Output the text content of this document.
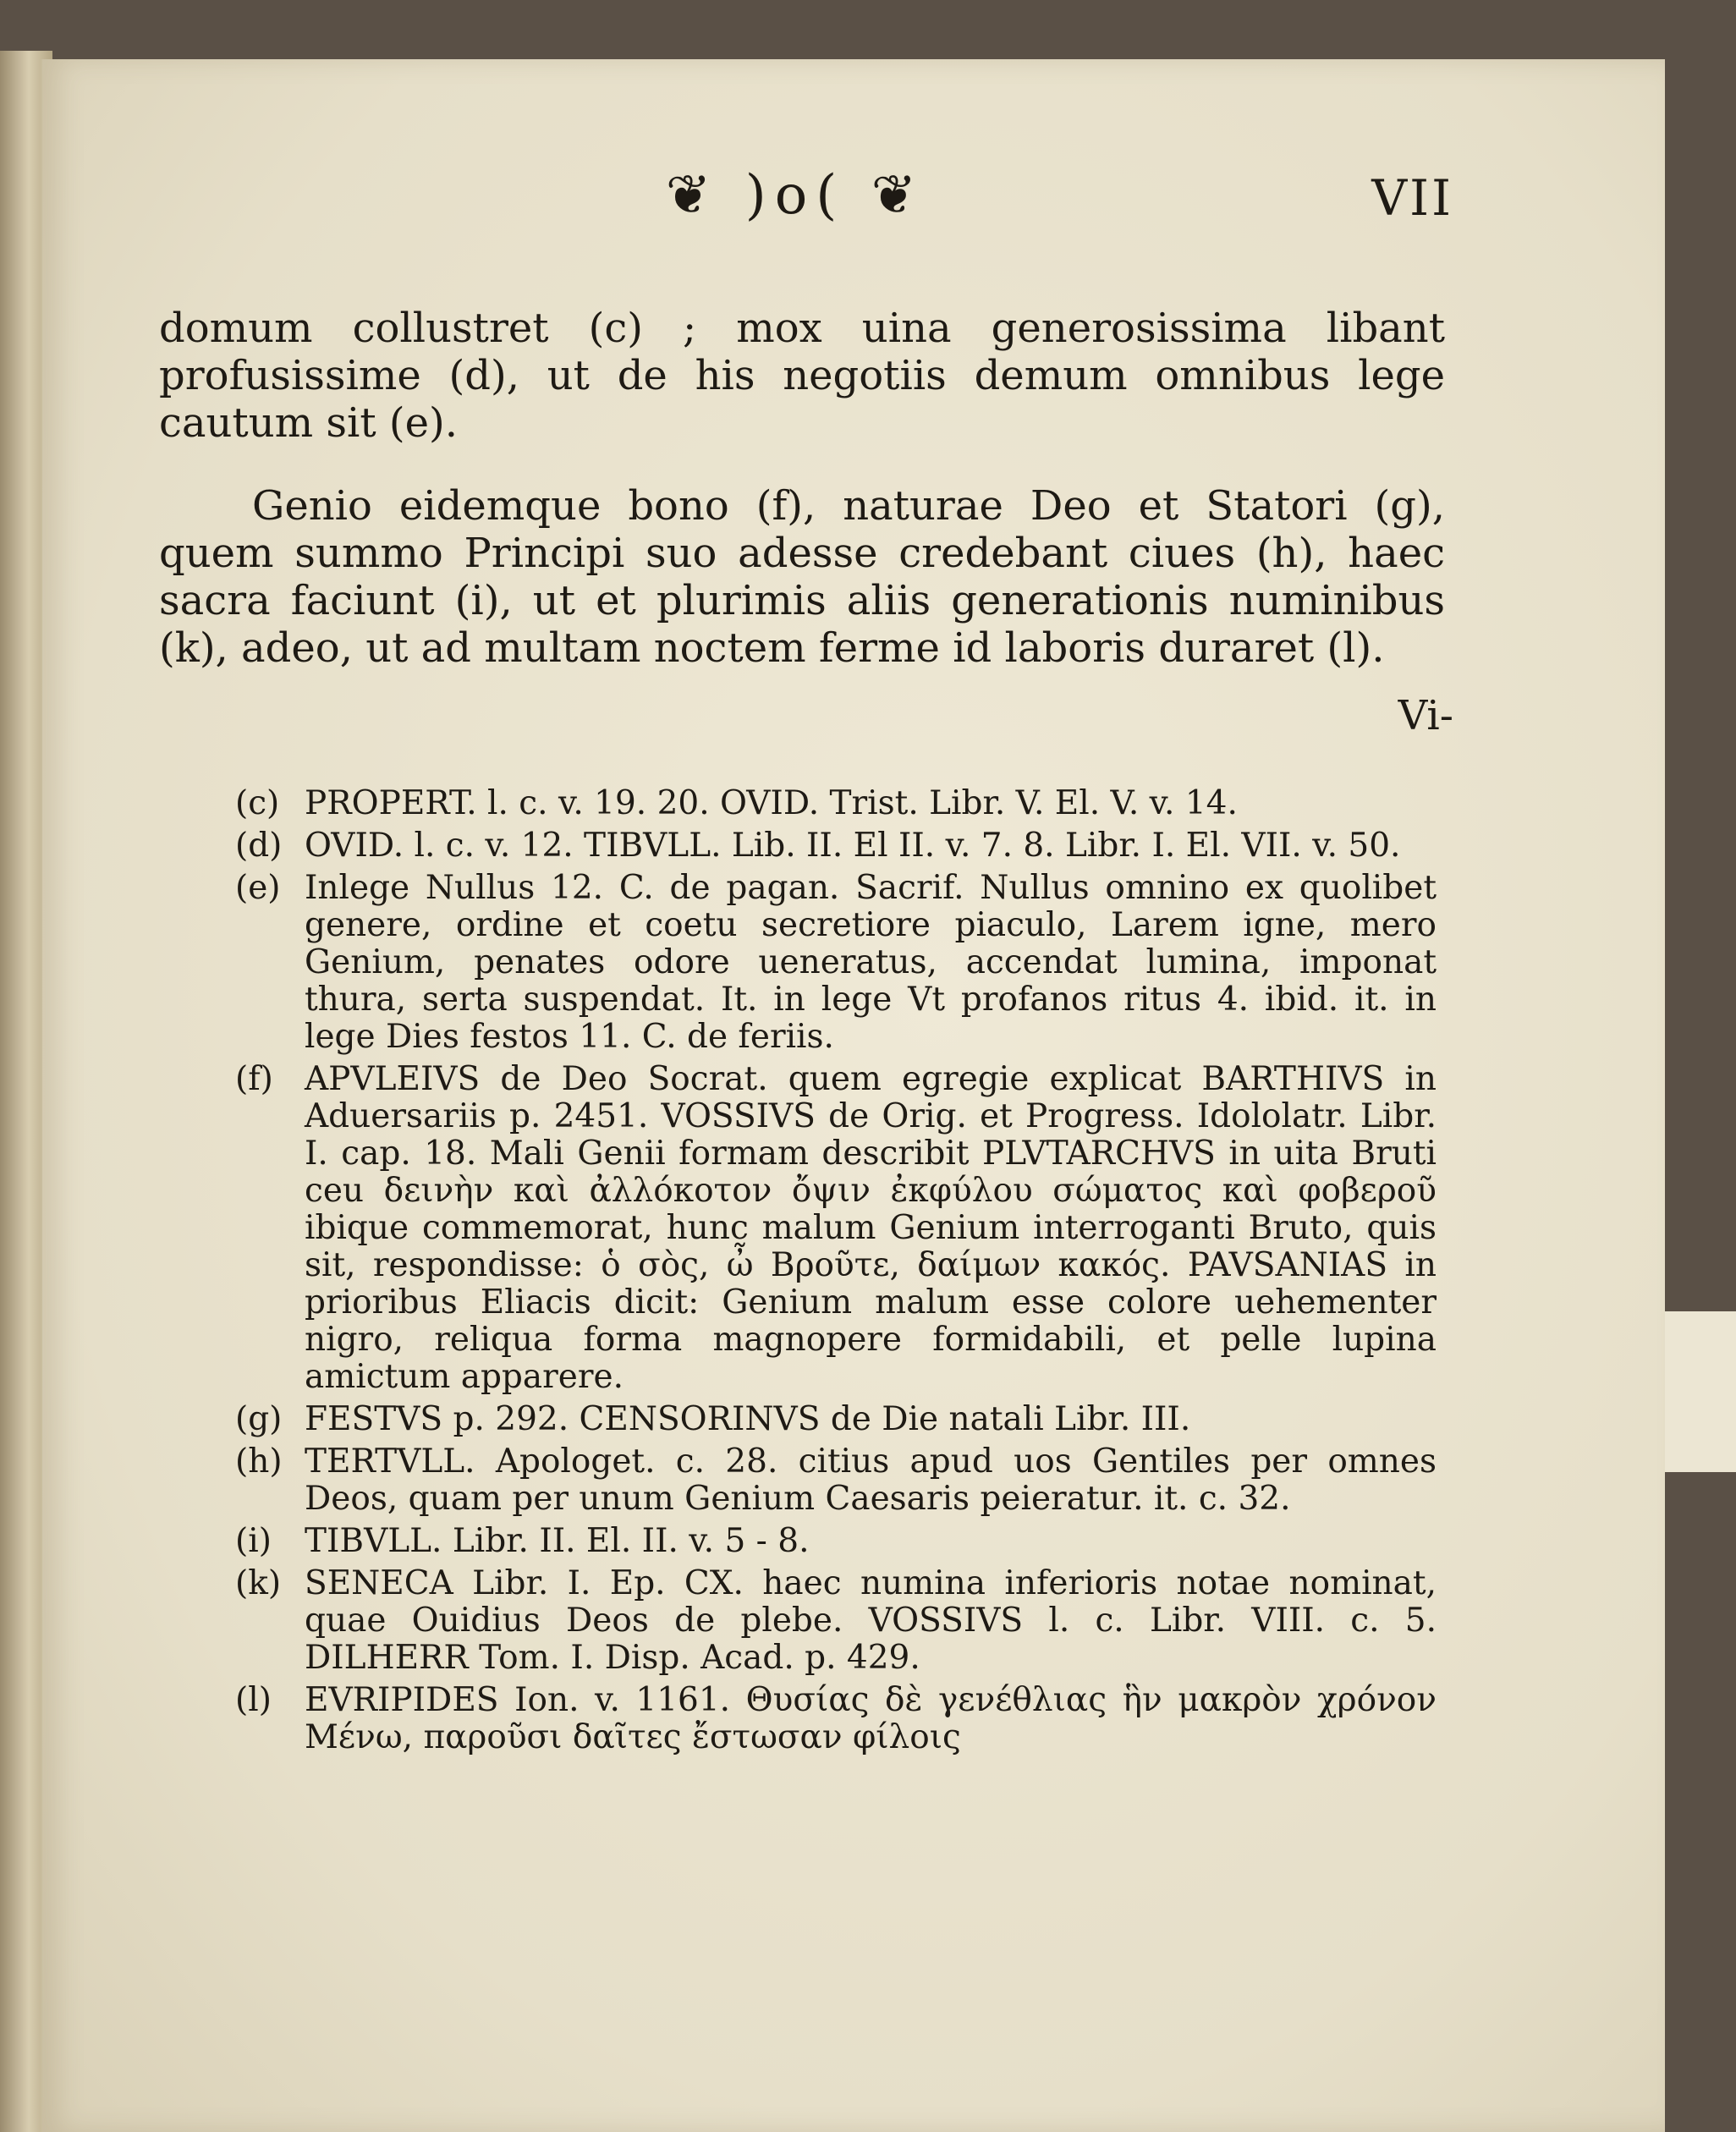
❦ )o( ❦	VII

domum collustret (c) ; mox uina generosissima libant profusissime (d), ut de his negotiis demum omnibus lege cautum sit (e).

Genio eidemque bono (f), naturae Deo et Statori (g), quem summo Principi suo adesse credebant ciues (h), haec sacra faciunt (i), ut et plurimis aliis generationis numinibus (k), adeo, ut ad multam noctem ferme id laboris duraret (l).

Vi-
(c) PROPERT. l. c. v. 19. 20. OVID. Trist. Libr. V. El. V. v. 14.
(d) OVID. l. c. v. 12. TIBVLL. Lib. II. El II. v. 7. 8. Libr. I. El. VII. v. 50.
(e) Inlege Nullus 12. C. de pagan. Sacrif. Nullus omnino ex quolibet genere, ordine et coetu secretiore piaculo, Larem igne, mero Genium, penates odore ueneratus, accendat lumina, imponat thura, serta suspendat. It. in lege Vt profanos ritus 4. ibid. it. in lege Dies festos 11. C. de feriis.
(f) APVLEIVS de Deo Socrat. quem egregie explicat BARTHIVS in Aduersariis p. 2451. VOSSIVS de Orig. et Progress. Idololatr. Libr. I. cap. 18. Mali Genii formam describit PLVTARCHVS in uita Bruti ceu δεινὴν καὶ ἀλλόκοτον ὄψιν ἐκφύλου σώματος καὶ φοβεροῦ ibique commemorat, hunc malum Genium interroganti Bruto, quis sit, respondisse: ὁ σὸς, ὦ Βροῦτε, δαίμων κακός. PAVSANIAS in prioribus Eliacis dicit: Genium malum esse colore uehementer nigro, reliqua forma magnopere formidabili, et pelle lupina amictum apparere.
(g) FESTVS p. 292. CENSORINVS de Die natali Libr. III.
(h) TERTVLL. Apologet. c. 28. citius apud uos Gentiles per omnes Deos, quam per unum Genium Caesaris peieratur. it. c. 32.
(i) TIBVLL. Libr. II. El. II. v. 5 - 8.
(k) SENECA Libr. I. Ep. CX. haec numina inferioris notae nominat, quae Ouidius Deos de plebe. VOSSIVS l. c. Libr. VIII. c. 5. DILHERR Tom. I. Disp. Acad. p. 429.
(l) EVRIPIDES Ion. v. 1161. Θυσίας δὲ γενέθλιας ἣν μακρὸν χρόνον Μένω, παροῦσι δαῖτες ἔστωσαν φίλοις
